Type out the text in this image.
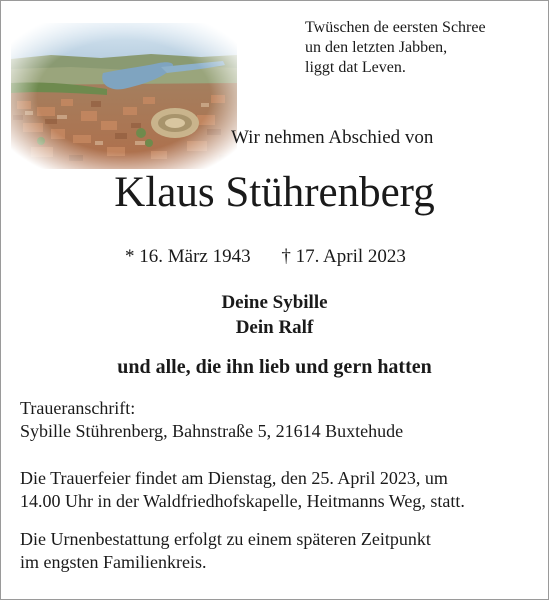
Twüschen de eersten Schree
un den letzten Jabben,
liggt dat Leven.
Wir nehmen Abschied von
Klaus Stührenberg
* 16. März 1943 † 17. April 2023
Deine Sybille
Dein Ralf
und alle, die ihn lieb und gern hatten
Traueranschrift:
Sybille Stührenberg, Bahnstraße 5, 21614 Buxtehude
Die Trauerfeier findet am Dienstag, den 25. April 2023, um
14.00 Uhr in der Waldfriedhofskapelle, Heitmanns Weg, statt.
Die Urnenbestattung erfolgt zu einem späteren Zeitpunkt
im engsten Familienkreis.
